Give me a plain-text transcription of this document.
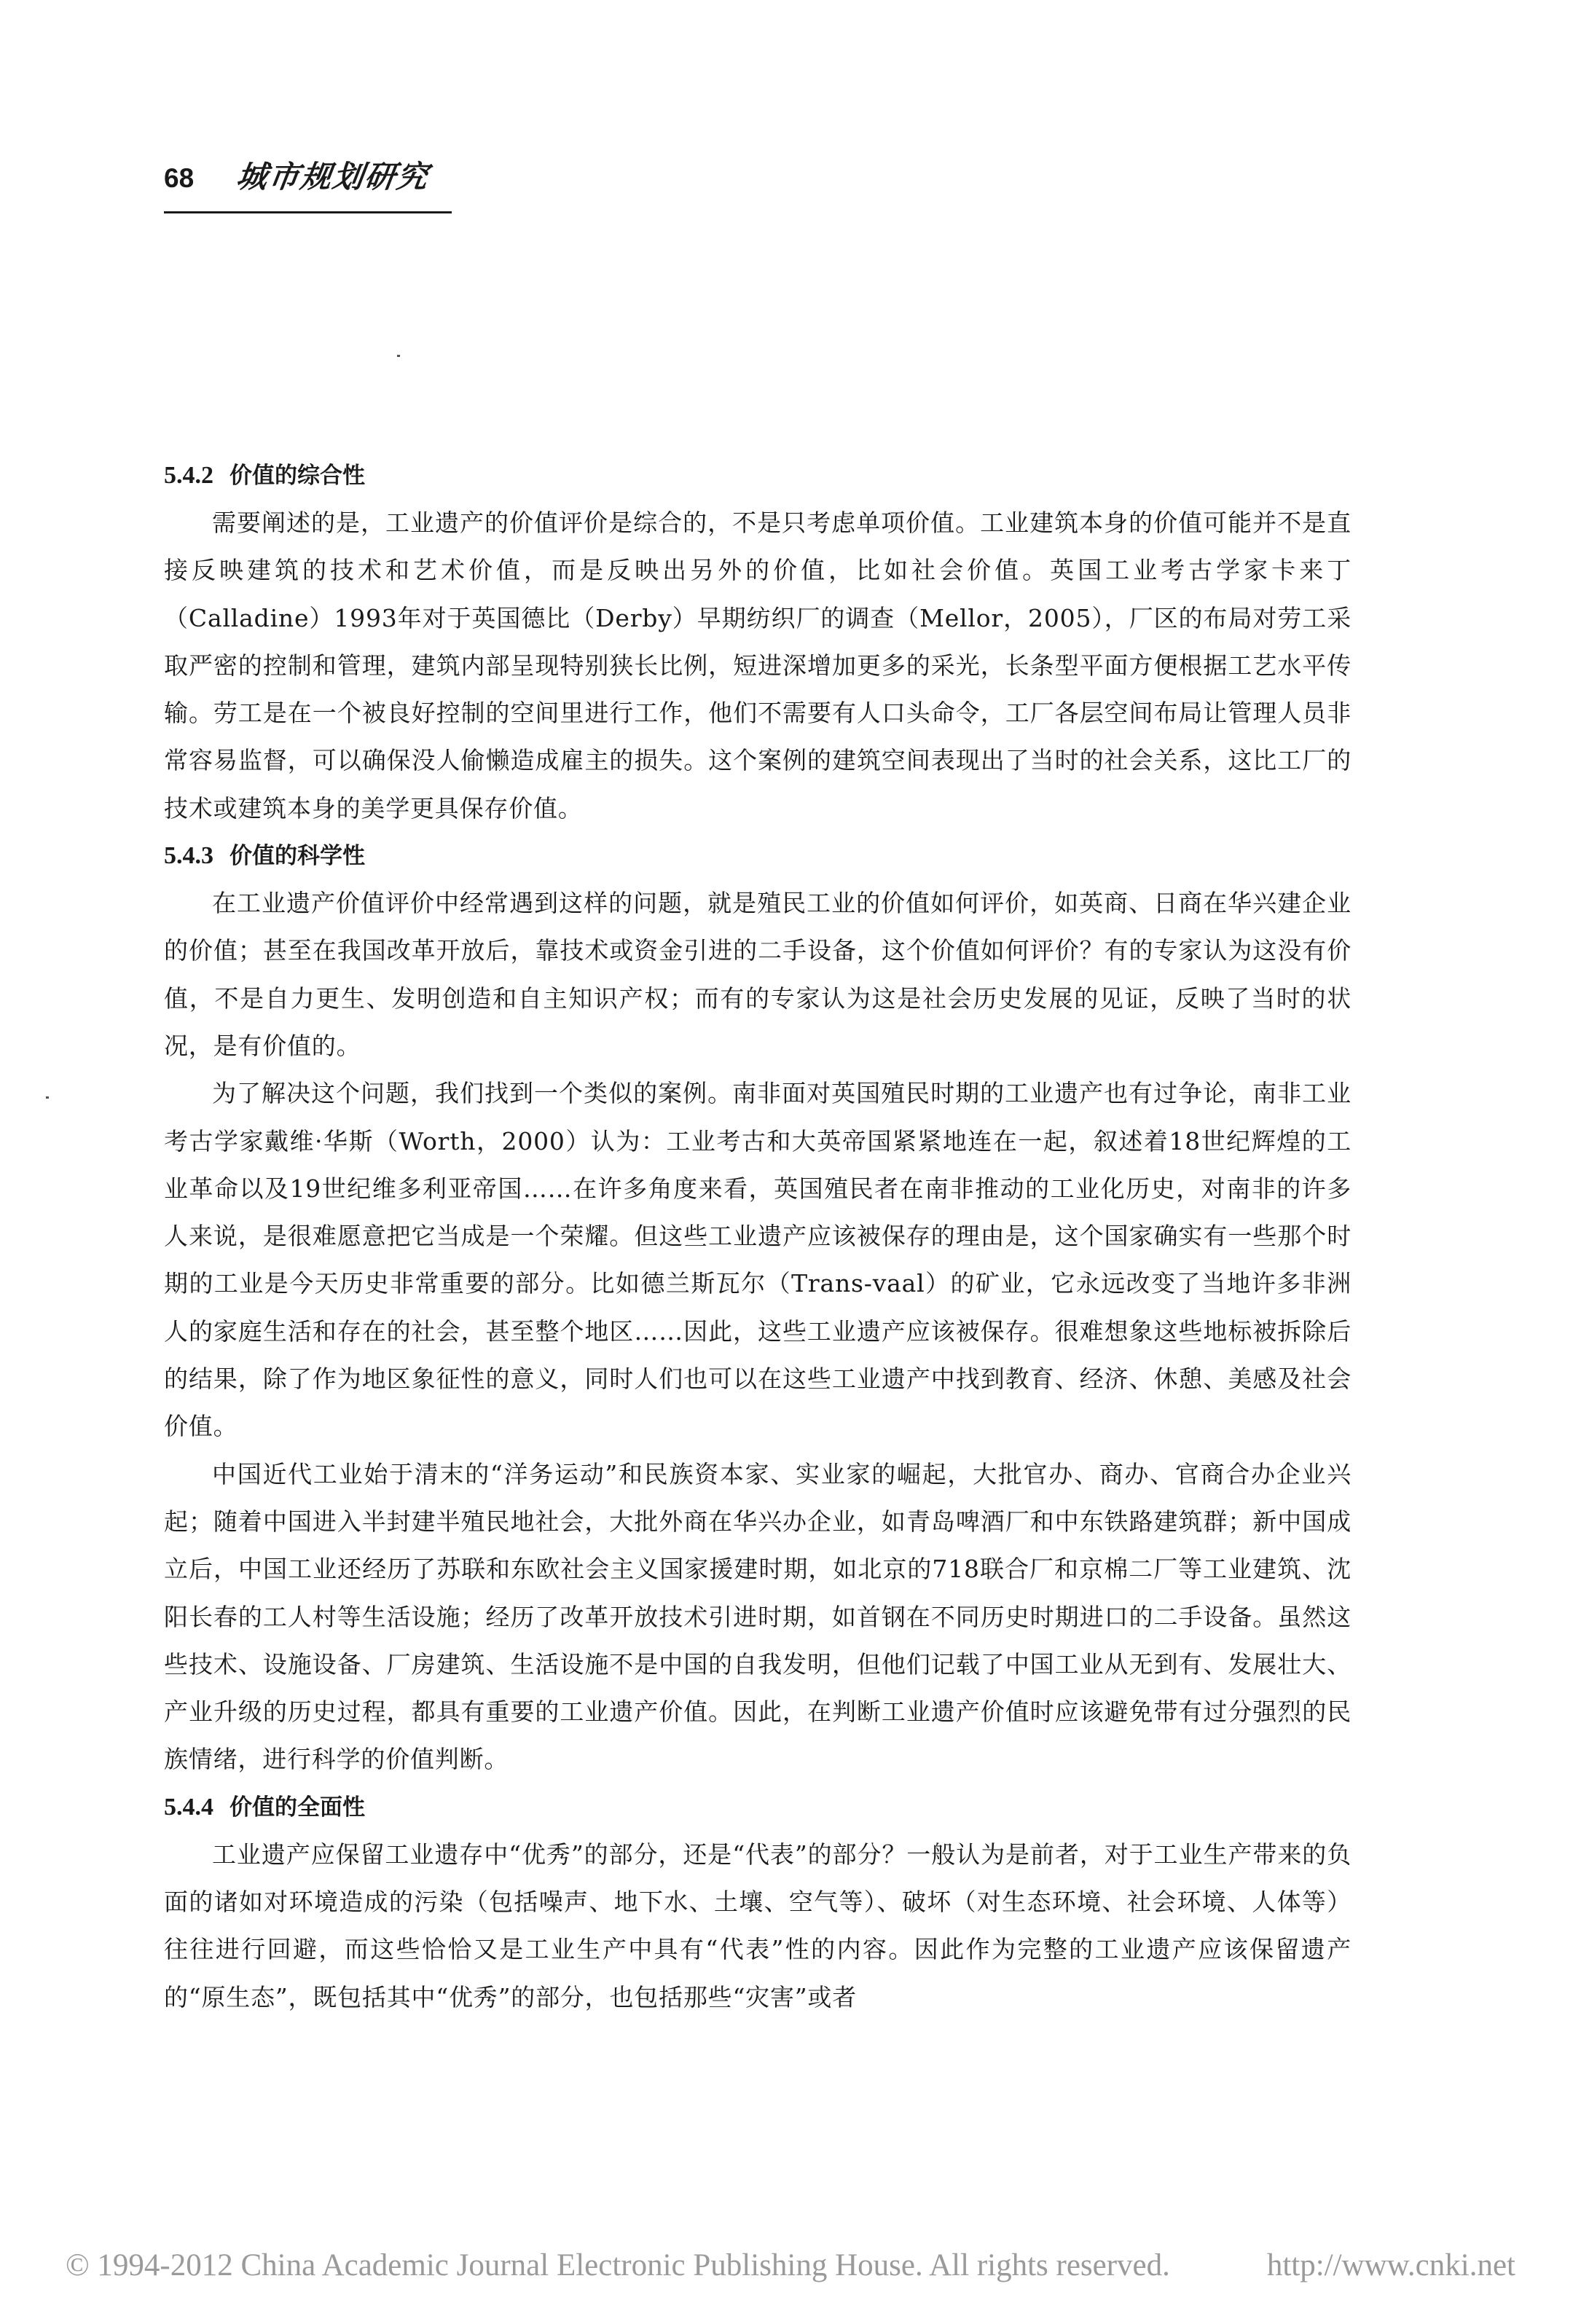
68 城市规划研究
5.4.2 价值的综合性

需要阐述的是，工业遗产的价值评价是综合的，不是只考虑单项价值。工业建筑本身的价值可能并不是直接反映建筑的技术和艺术价值，而是反映出另外的价值，比如社会价值。英国工业考古学家卡来丁（Calladine）1993年对于英国德比（Derby）早期纺织厂的调查（Mellor，2005），厂区的布局对劳工采取严密的控制和管理，建筑内部呈现特别狭长比例，短进深增加更多的采光，长条型平面方便根据工艺水平传输。劳工是在一个被良好控制的空间里进行工作，他们不需要有人口头命令，工厂各层空间布局让管理人员非常容易监督，可以确保没人偷懒造成雇主的损失。这个案例的建筑空间表现出了当时的社会关系，这比工厂的技术或建筑本身的美学更具保存价值。

5.4.3 价值的科学性

在工业遗产价值评价中经常遇到这样的问题，就是殖民工业的价值如何评价，如英商、日商在华兴建企业的价值；甚至在我国改革开放后，靠技术或资金引进的二手设备，这个价值如何评价？有的专家认为这没有价值，不是自力更生、发明创造和自主知识产权；而有的专家认为这是社会历史发展的见证，反映了当时的状况，是有价值的。

为了解决这个问题，我们找到一个类似的案例。南非面对英国殖民时期的工业遗产也有过争论，南非工业考古学家戴维·华斯（Worth，2000）认为：工业考古和大英帝国紧紧地连在一起，叙述着18世纪辉煌的工业革命以及19世纪维多利亚帝国……在许多角度来看，英国殖民者在南非推动的工业化历史，对南非的许多人来说，是很难愿意把它当成是一个荣耀。但这些工业遗产应该被保存的理由是，这个国家确实有一些那个时期的工业是今天历史非常重要的部分。比如德兰斯瓦尔（Trans-vaal）的矿业，它永远改变了当地许多非洲人的家庭生活和存在的社会，甚至整个地区……因此，这些工业遗产应该被保存。很难想象这些地标被拆除后的结果，除了作为地区象征性的意义，同时人们也可以在这些工业遗产中找到教育、经济、休憩、美感及社会价值。

中国近代工业始于清末的“洋务运动”和民族资本家、实业家的崛起，大批官办、商办、官商合办企业兴起；随着中国进入半封建半殖民地社会，大批外商在华兴办企业，如青岛啤酒厂和中东铁路建筑群；新中国成立后，中国工业还经历了苏联和东欧社会主义国家援建时期，如北京的718联合厂和京棉二厂等工业建筑、沈阳长春的工人村等生活设施；经历了改革开放技术引进时期，如首钢在不同历史时期进口的二手设备。虽然这些技术、设施设备、厂房建筑、生活设施不是中国的自我发明，但他们记载了中国工业从无到有、发展壮大、产业升级的历史过程，都具有重要的工业遗产价值。因此，在判断工业遗产价值时应该避免带有过分强烈的民族情绪，进行科学的价值判断。

5.4.4 价值的全面性

工业遗产应保留工业遗存中“优秀”的部分，还是“代表”的部分？一般认为是前者，对于工业生产带来的负面的诸如对环境造成的污染（包括噪声、地下水、土壤、空气等）、破坏（对生态环境、社会环境、人体等）往往进行回避，而这些恰恰又是工业生产中具有“代表”性的内容。因此作为完整的工业遗产应该保留遗产的“原生态”，既包括其中“优秀”的部分，也包括那些“灾害”或者

© 1994-2012 China Academic Journal Electronic Publishing House. All rights reserved.	http://www.cnki.net
